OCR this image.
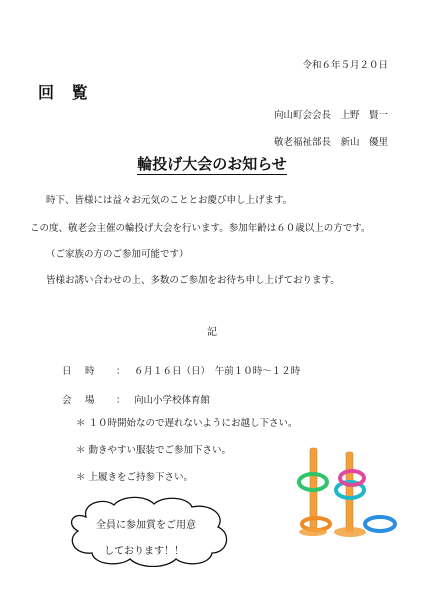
令和６年５月２０日
回 覧
向山町会会長　上野　賢一
敬老福祉部長　新山　優里
輪投げ大会のお知らせ
時下、皆様には益々お元気のこととお慶び申し上げます。
この度、敬老会主催の輪投げ大会を行います。参加年齢は６０歳以上の方です。
（ご家族の方のご参加可能です）
皆様お誘い合わせの上、多数のご参加をお待ち申し上げております。
記
日　時 ： ６月１６日（日）　午前１０時～１２時
会　場 ： 向山小学校体育館
＊ １０時開始なので遅れないようにお越し下さい。
＊ 動きやすい服装でご参加下さい。
＊ 上履きをご持参下さい。
全員に参加賞をご用意
しております！！
